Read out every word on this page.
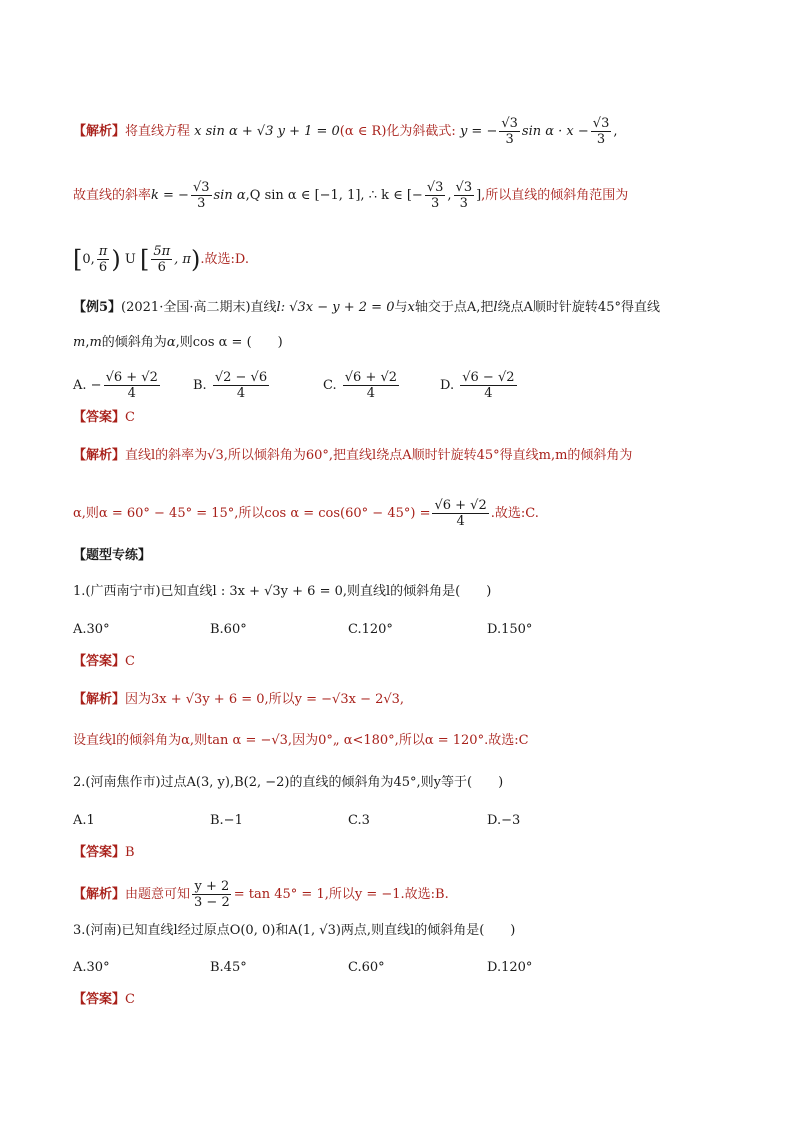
【解析】将直线方程 x sin α + √3 y + 1 = 0(α ∈ R)化为斜截式: y = − $\frac{√3}{3}$ $\sin \alpha \cdot x - \frac{√3}{3}$ ,
故直线的斜率k = − $\frac{√3}{3}$ sin α,Q sin α ∈ [−1, 1], ∴ k ∈ [− $\frac{√3}{3}$ , $\frac{√3}{3}$ ],所以直线的倾斜角范围为
[0, $\frac{\pi}{6}$ ) U [ $\frac{5\pi}{6}$ , π).故选:D.
【例5】(2021·全国·高二期末)直线l: √3x − y + 2 = 0与x轴交于点A,把l绕点A顺时针旋转45°得直线
m,m的倾斜角为α,则cos α = (　　)
A. − $\frac{√6 + √2}{4}$	B. $\frac{√2 - √6}{4}$	C. $\frac{√6 + √2}{4}$	D. $\frac{√6 - √2}{4}$
【答案】C
【解析】直线l的斜率为√3,所以倾斜角为60°,把直线l绕点A顺时针旋转45°得直线m,m的倾斜角为
α,则α = 60° − 45° = 15°,所以$\cos \alpha = \cos(60^\circ - 45^\circ) = \frac{√6 + √2}{4}$ .故选:C.
【题型专练】
1.(广西南宁市)已知直线l : 3x + √3y + 6 = 0,则直线l的倾斜角是(　　)
A.30°	B.60°	C.120°	D.150°
【答案】C
【解析】因为3x + √3y + 6 = 0,所以y = −√3x − 2√3,
设直线l的倾斜角为α,则tan α = −√3,因为0°„ α<180°,所以α = 120°.故选:C
2.(河南焦作市)过点A(3, y),B(2, −2)的直线的倾斜角为45°,则y等于(　　)
A.1	B.−1	C.3	D.−3
【答案】B
【解析】由题意可知 $\frac{y + 2}{3 - 2} = \tan 45^\circ = 1$,所以y = −1.故选:B.
3.(河南)已知直线l经过原点O(0, 0)和A(1, √3)两点,则直线l的倾斜角是(　　)
A.30°	B.45°	C.60°	D.120°
【答案】C
